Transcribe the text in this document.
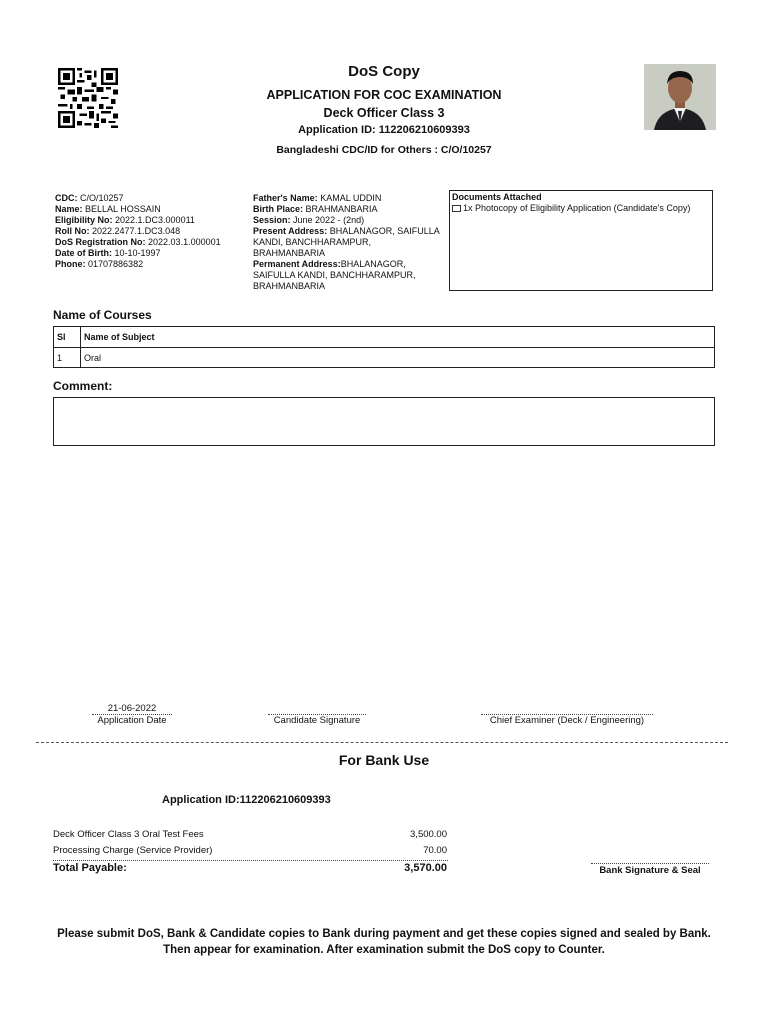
DoS Copy
APPLICATION FOR COC EXAMINATION
Deck Officer Class 3
Application ID: 112206210609393
Bangladeshi CDC/ID for Others : C/O/10257
CDC: C/O/10257
Name: BELLAL HOSSAIN
Eligibility No: 2022.1.DC3.000011
Roll No: 2022.2477.1.DC3.048
DoS Registration No: 2022.03.1.000001
Date of Birth: 10-10-1997
Phone: 01707886382
Father's Name: KAMAL UDDIN
Birth Place: BRAHMANBARIA
Session: June 2022 - (2nd)
Present Address: BHALANAGOR, SAIFULLA KANDI, BANCHHARAMPUR, BRAHMANBARIA
Permanent Address:BHALANAGOR, SAIFULLA KANDI, BANCHHARAMPUR, BRAHMANBARIA
Documents Attached
1x Photocopy of Eligibility Application (Candidate's Copy)
Name of Courses
Sl	Name of Subject
1	Oral
Comment:
21-06-2022
Application Date	Candidate Signature	Chief Examiner (Deck / Engineering)
For Bank Use
Application ID:112206210609393
Deck Officer Class 3 Oral Test Fees	3,500.00
Processing Charge (Service Provider)	70.00
Total Payable:	3,570.00	Bank Signature & Seal
Please submit DoS, Bank & Candidate copies to Bank during payment and get these copies signed and sealed by Bank. Then appear for examination. After examination submit the DoS copy to Counter.
